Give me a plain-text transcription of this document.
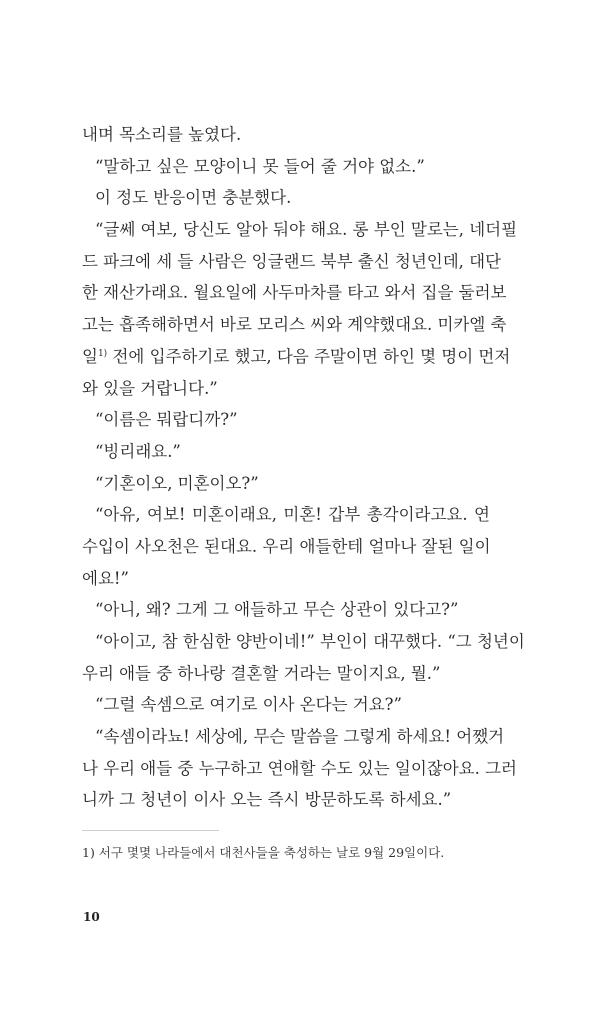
내며 목소리를 높였다.
“말하고 싶은 모양이니 못 들어 줄 거야 없소.”
이 정도 반응이면 충분했다.
“글쎄 여보, 당신도 알아 둬야 해요. 롱 부인 말로는, 네더필
드 파크에 세 들 사람은 잉글랜드 북부 출신 청년인데, 대단
한 재산가래요. 월요일에 사두마차를 타고 와서 집을 둘러보
고는 흡족해하면서 바로 모리스 씨와 계약했대요. 미카엘 축
일$^{1)}$ 전에 입주하기로 했고, 다음 주말이면 하인 몇 명이 먼저
와 있을 거랍니다.”
“이름은 뭐랍디까?”
“빙리래요.”
“기혼이오, 미혼이오?”
“아유, 여보! 미혼이래요, 미혼! 갑부 총각이라고요. 연
수입이 사오천은 된대요. 우리 애들한테 얼마나 잘된 일이
에요!”
“아니, 왜? 그게 그 애들하고 무슨 상관이 있다고?”
“아이고, 참 한심한 양반이네!” 부인이 대꾸했다. “그 청년이
우리 애들 중 하나랑 결혼할 거라는 말이지요, 뭘.”
“그럴 속셈으로 여기로 이사 온다는 거요?”
“속셈이라뇨! 세상에, 무슨 말씀을 그렇게 하세요! 어쨌거
나 우리 애들 중 누구하고 연애할 수도 있는 일이잖아요. 그러
니까 그 청년이 이사 오는 즉시 방문하도록 하세요.”
1) 서구 몇몇 나라들에서 대천사들을 축성하는 날로 9월 29일이다.
10
